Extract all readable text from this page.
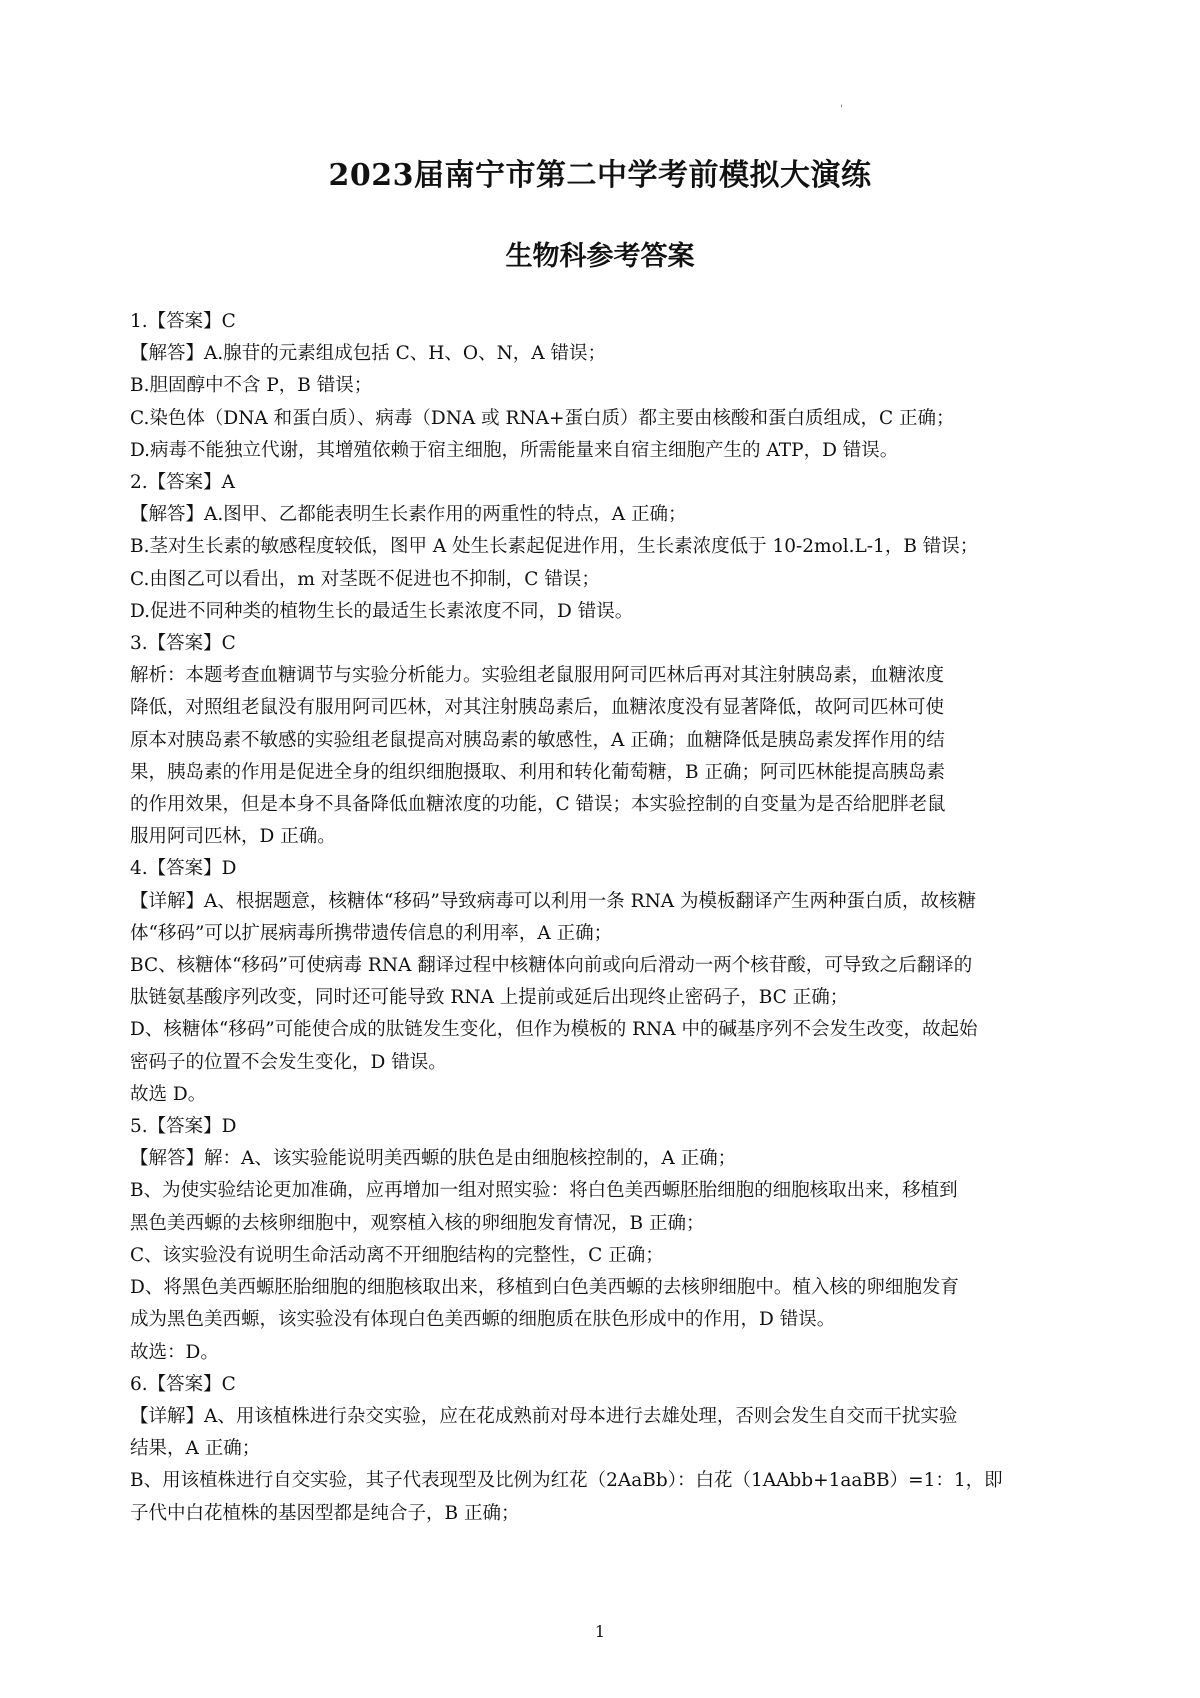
'
2023届南宁市第二中学考前模拟大演练
生物科参考答案
1.【答案】C
【解答】A.腺苷的元素组成包括 C、H、O、N，A 错误；
B.胆固醇中不含 P，B 错误；
C.染色体（DNA 和蛋白质）、病毒（DNA 或 RNA+蛋白质）都主要由核酸和蛋白质组成，C 正确；
D.病毒不能独立代谢，其增殖依赖于宿主细胞，所需能量来自宿主细胞产生的 ATP，D 错误。
2.【答案】A
【解答】A.图甲、乙都能表明生长素作用的两重性的特点，A 正确；
B.茎对生长素的敏感程度较低，图甲 A 处生长素起促进作用，生长素浓度低于 10-2mol.L-1，B 错误；
C.由图乙可以看出，m 对茎既不促进也不抑制，C 错误；
D.促进不同种类的植物生长的最适生长素浓度不同，D 错误。
3.【答案】C
解析：本题考查血糖调节与实验分析能力。实验组老鼠服用阿司匹林后再对其注射胰岛素，血糖浓度
降低，对照组老鼠没有服用阿司匹林，对其注射胰岛素后，血糖浓度没有显著降低，故阿司匹林可使
原本对胰岛素不敏感的实验组老鼠提高对胰岛素的敏感性，A 正确；血糖降低是胰岛素发挥作用的结
果，胰岛素的作用是促进全身的组织细胞摄取、利用和转化葡萄糖，B 正确；阿司匹林能提高胰岛素
的作用效果，但是本身不具备降低血糖浓度的功能，C 错误；本实验控制的自变量为是否给肥胖老鼠
服用阿司匹林，D 正确。
4.【答案】D
【详解】A、根据题意，核糖体“移码”导致病毒可以利用一条 RNA 为模板翻译产生两种蛋白质，故核糖
体“移码”可以扩展病毒所携带遗传信息的利用率，A 正确；
BC、核糖体“移码”可使病毒 RNA 翻译过程中核糖体向前或向后滑动一两个核苷酸，可导致之后翻译的
肽链氨基酸序列改变，同时还可能导致 RNA 上提前或延后出现终止密码子，BC 正确；
D、核糖体“移码”可能使合成的肽链发生变化，但作为模板的 RNA 中的碱基序列不会发生改变，故起始
密码子的位置不会发生变化，D 错误。
故选 D。
5.【答案】D
【解答】解：A、该实验能说明美西螈的肤色是由细胞核控制的，A 正确；
B、为使实验结论更加准确，应再增加一组对照实验：将白色美西螈胚胎细胞的细胞核取出来，移植到
黑色美西螈的去核卵细胞中，观察植入核的卵细胞发育情况，B 正确；
C、该实验没有说明生命活动离不开细胞结构的完整性，C 正确；
D、将黑色美西螈胚胎细胞的细胞核取出来，移植到白色美西螈的去核卵细胞中。植入核的卵细胞发育
成为黑色美西螈，该实验没有体现白色美西螈的细胞质在肤色形成中的作用，D 错误。
故选：D。
6.【答案】C
【详解】A、用该植株进行杂交实验，应在花成熟前对母本进行去雄处理，否则会发生自交而干扰实验
结果，A 正确；
B、用该植株进行自交实验，其子代表现型及比例为红花（2AaBb）：白花（1AAbb+1aaBB）=1：1，即
子代中白花植株的基因型都是纯合子，B 正确；
1
